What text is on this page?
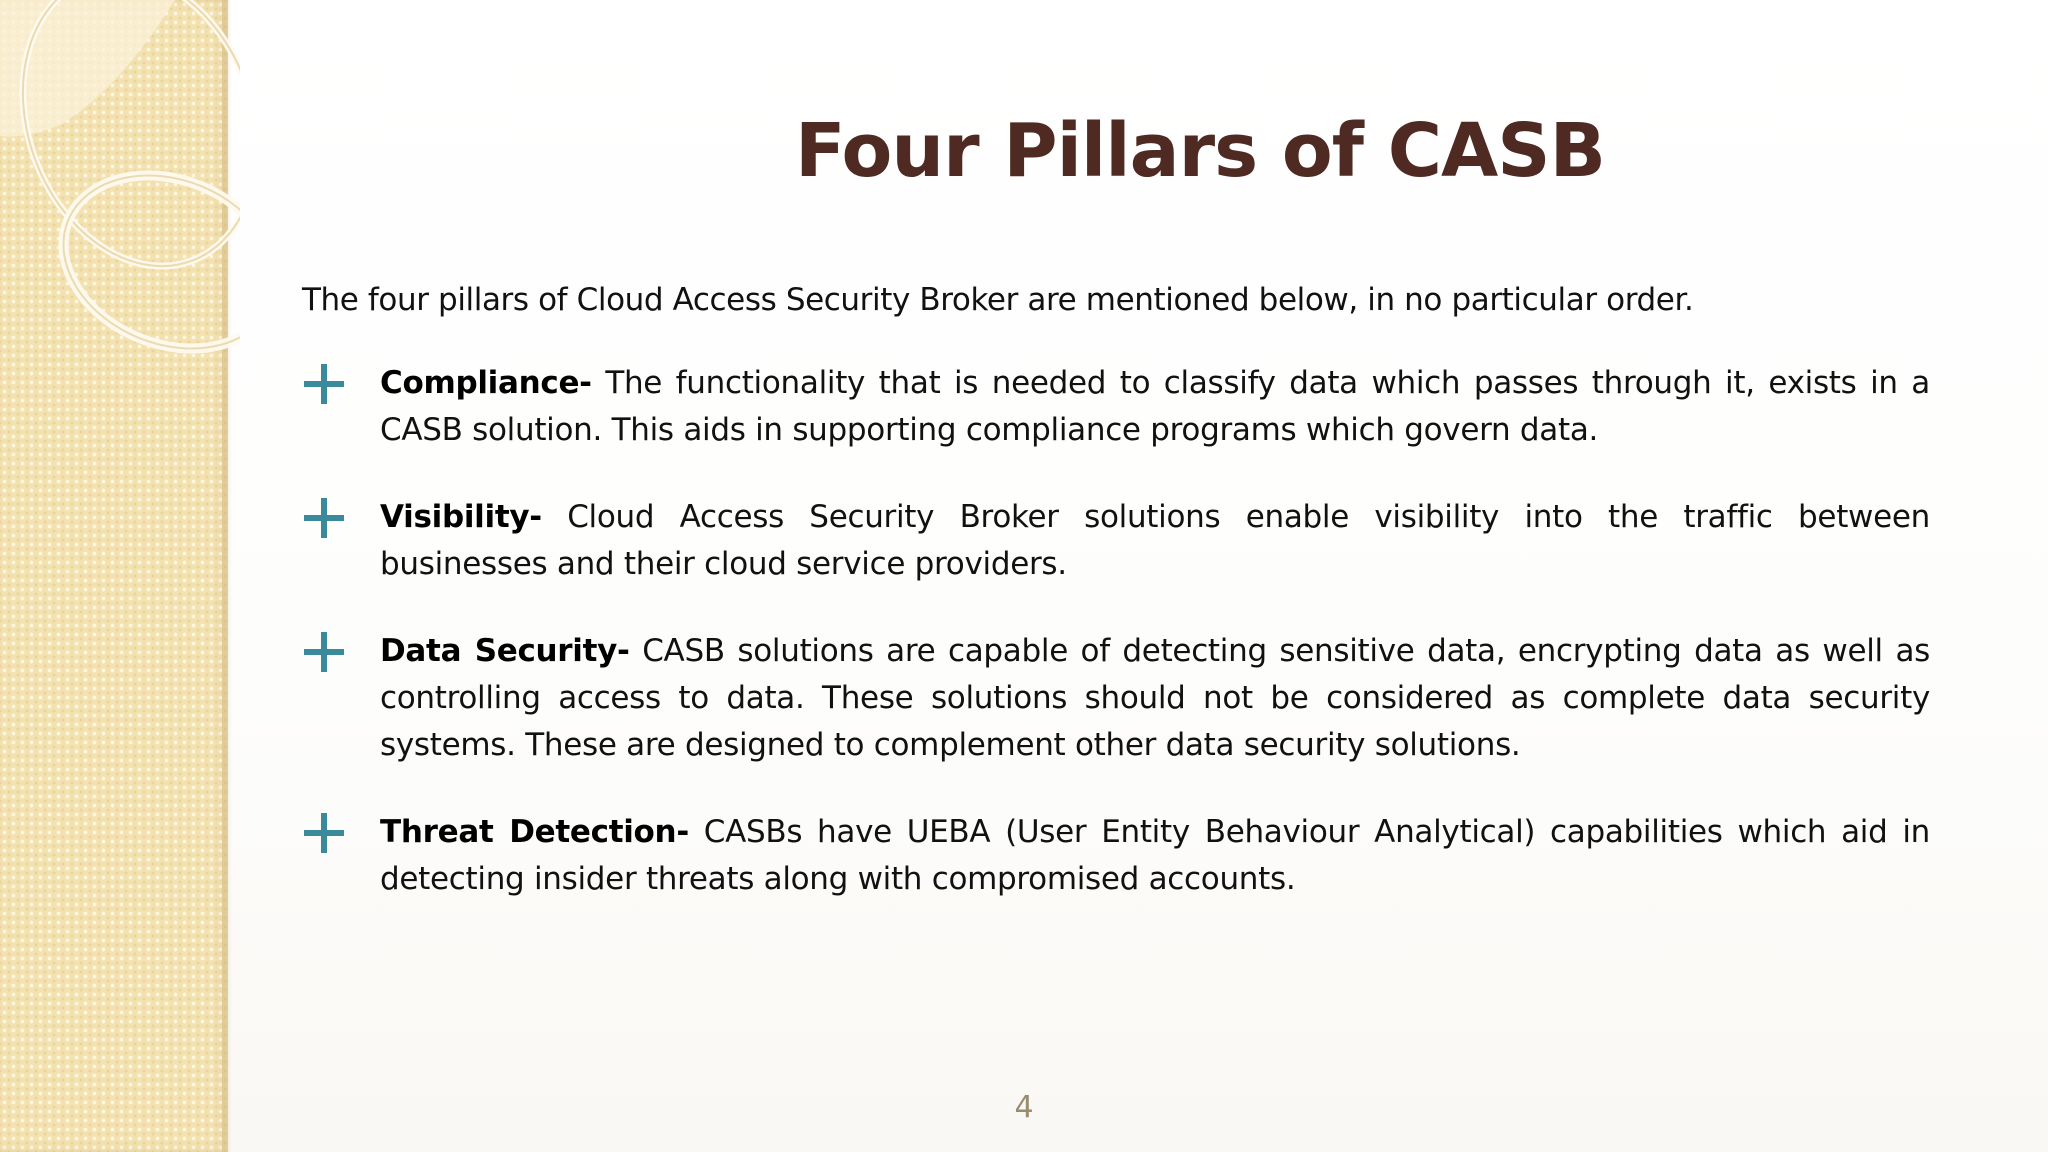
Four Pillars of CASB

The four pillars of Cloud Access Security Broker are mentioned below, in no particular order.

Compliance- The functionality that is needed to classify data which passes through it, exists in a CASB solution. This aids in supporting compliance programs which govern data.
Visibility- Cloud Access Security Broker solutions enable visibility into the traffic between businesses and their cloud service providers.
Data Security- CASB solutions are capable of detecting sensitive data, encrypting data as well as controlling access to data. These solutions should not be considered as complete data security systems. These are designed to complement other data security solutions.
Threat Detection- CASBs have UEBA (User Entity Behaviour Analytical) capabilities which aid in detecting insider threats along with compromised accounts.
4
